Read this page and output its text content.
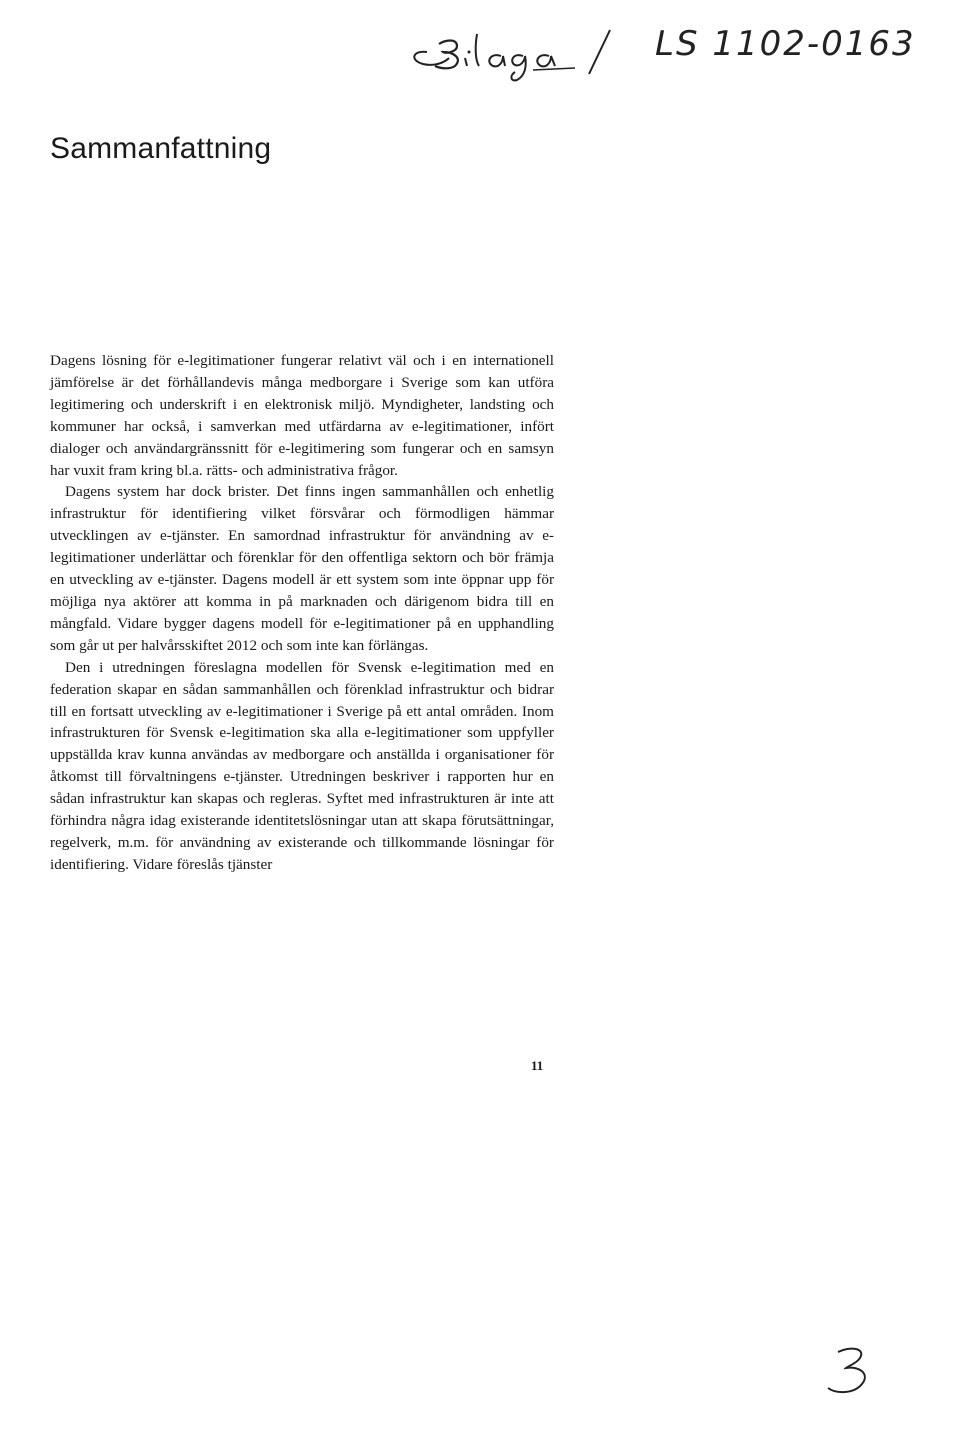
LS 1102-0163
Sammanfattning

Dagens lösning för e-legitimationer fungerar relativt väl och i en internationell jämförelse är det förhållandevis många medborgare i Sverige som kan utföra legitimering och underskrift i en elektronisk miljö. Myndigheter, landsting och kommuner har också, i samverkan med utfärdarna av e-legitimationer, infört dialoger och användargränssnitt för e-legitimering som fungerar och en samsyn har vuxit fram kring bl.a. rätts- och administrativa frågor.

Dagens system har dock brister. Det finns ingen sammanhållen och enhetlig infrastruktur för identifiering vilket försvårar och förmodligen hämmar utvecklingen av e-tjänster. En samordnad infrastruktur för användning av e-legitimationer underlättar och förenklar för den offentliga sektorn och bör främja en utveckling av e-tjänster. Dagens modell är ett system som inte öppnar upp för möjliga nya aktörer att komma in på marknaden och därigenom bidra till en mångfald. Vidare bygger dagens modell för e-legitimationer på en upphandling som går ut per halvårsskiftet 2012 och som inte kan förlängas.

Den i utredningen föreslagna modellen för Svensk e-legitimation med en federation skapar en sådan sammanhållen och förenklad infrastruktur och bidrar till en fortsatt utveckling av e-legitimationer i Sverige på ett antal områden. Inom infrastrukturen för Svensk e-legitimation ska alla e-legitimationer som uppfyller uppställda krav kunna användas av medborgare och anställda i organisationer för åtkomst till förvaltningens e-tjänster. Utredningen beskriver i rapporten hur en sådan infrastruktur kan skapas och regleras. Syftet med infrastrukturen är inte att förhindra några idag existerande identitetslösningar utan att skapa förutsättningar, regelverk, m.m. för användning av existerande och tillkommande lösningar för identifiering. Vidare föreslås tjänster

11
